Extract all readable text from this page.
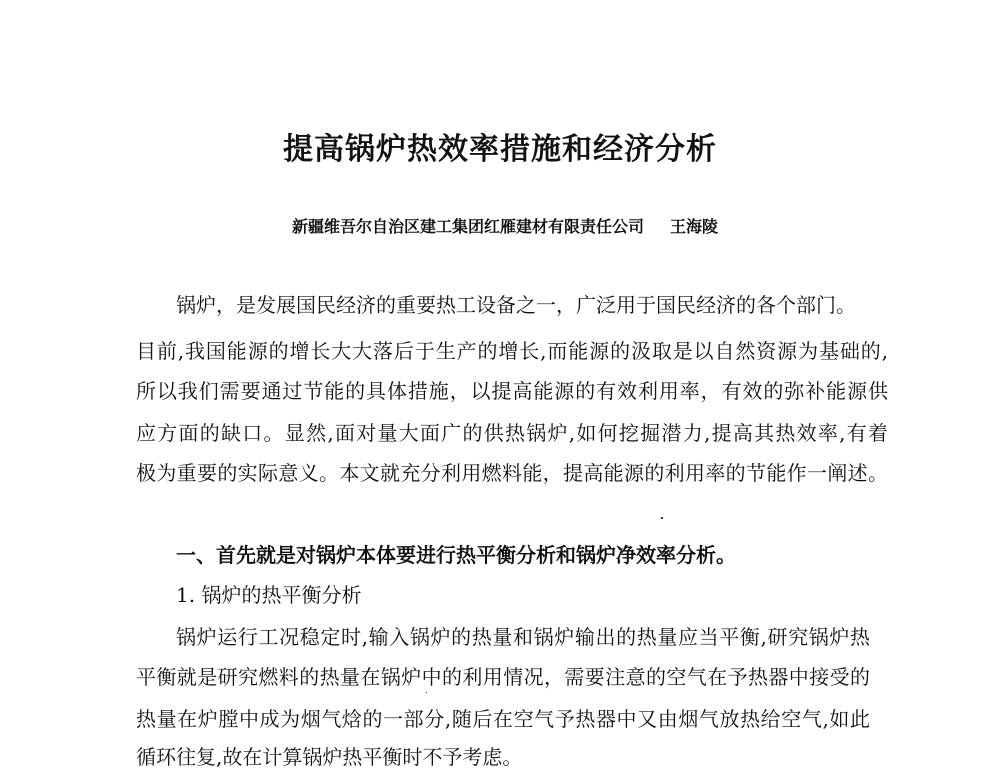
提高锅炉热效率措施和经济分析
新疆维吾尔自治区建工集团红雁建材有限责任公司 王海陵
锅炉，是发展国民经济的重要热工设备之一，广泛用于国民经济的各个部门。
目前,我国能源的增长大大落后于生产的增长,而能源的汲取是以自然资源为基础的,
所以我们需要通过节能的具体措施，以提高能源的有效利用率，有效的弥补能源供
应方面的缺口。显然,面对量大面广的供热锅炉,如何挖掘潜力,提高其热效率,有着
极为重要的实际意义。本文就充分利用燃料能，提高能源的利用率的节能作一阐述。
一、首先就是对锅炉本体要进行热平衡分析和锅炉净效率分析。
1. 锅炉的热平衡分析
锅炉运行工况稳定时,输入锅炉的热量和锅炉输出的热量应当平衡,研究锅炉热
平衡就是研究燃料的热量在锅炉中的利用情况，需要注意的空气在予热器中接受的
热量在炉膛中成为烟气焓的一部分,随后在空气予热器中又由烟气放热给空气,如此
循环往复,故在计算锅炉热平衡时不予考虑。
